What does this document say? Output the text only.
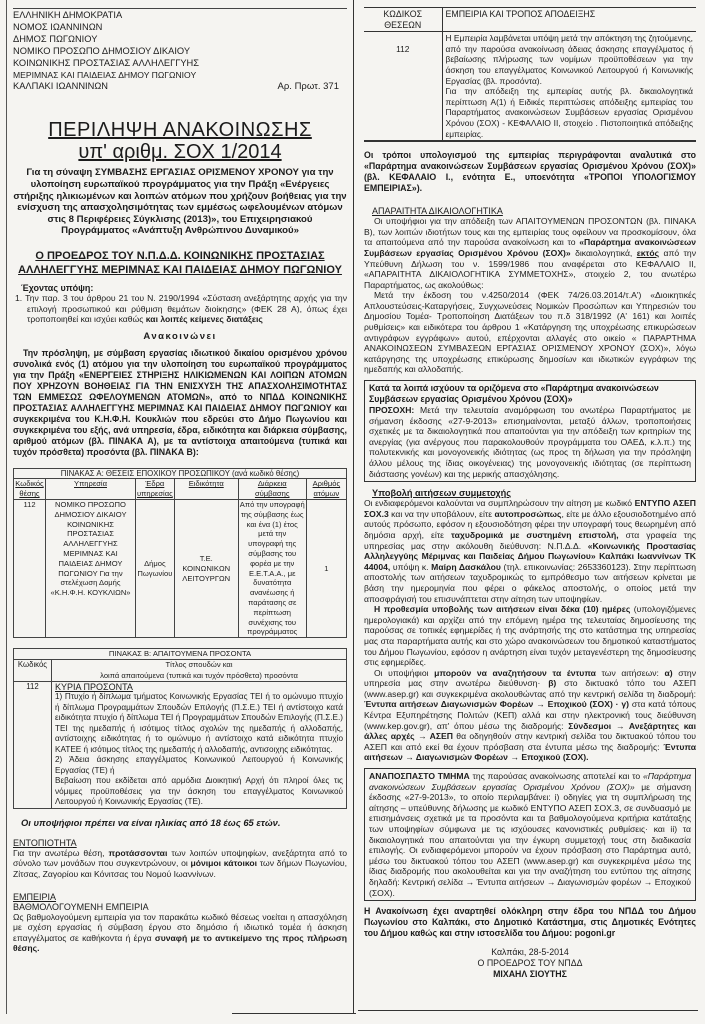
ΕΛΛΗΝΙΚΗ ΔΗΜΟΚΡΑΤΙΑ
ΝΟΜΟΣ ΙΩΑΝΝΙΝΩΝ
ΔΗΜΟΣ ΠΩΓΩΝΙΟΥ
ΝΟΜΙΚΟ ΠΡΟΣΩΠΟ ΔΗΜΟΣΙΟΥ ΔΙΚΑΙΟΥ
ΚΟΙΝΩΝΙΚΗΣ ΠΡΟΣΤΑΣΙΑΣ ΑΛΛΗΛΕΓΓΥΗΣ
ΜΕΡΙΜΝΑΣ ΚΑΙ ΠΑΙΔΕΙΑΣ ΔΗΜΟΥ ΠΩΓΩΝΙΟΥ
ΚΑΛΠΑΚΙ ΙΩΑΝΝΙΝΩΝ	Αρ. Πρωτ. 371
ΠΕΡΙΛΗΨΗ ΑΝΑΚΟΙΝΩΣΗΣ
υπ' αριθμ. ΣΟΧ 1/2014
Για τη σύναψη ΣΥΜΒΑΣΗΣ ΕΡΓΑΣΙΑΣ ΟΡΙΣΜΕΝΟΥ ΧΡΟΝΟΥ για την υλοποίηση ευρωπαϊκού προγράμματος για την Πράξη «Ενέργειες στήριξης ηλικιωμένων και λοιπών ατόμων που χρήζουν βοήθειας για την ενίσχυση της απασχολησιμότητας των εμμέσως ωφελουμένων ατόμων στις 8 Περιφέρειες Σύγκλισης (2013)», του Επιχειρησιακού Προγράμματος «Ανάπτυξη Ανθρώπινου Δυναμικού»
Ο ΠΡΟΕΔΡΟΣ ΤΟΥ Ν.Π.Δ.Δ. ΚΟΙΝΩΝΙΚΗΣ ΠΡΟΣΤΑΣΙΑΣ ΑΛΛΗΛΕΓΓΥΗΣ ΜΕΡΙΜΝΑΣ ΚΑΙ ΠΑΙΔΕΙΑΣ ΔΗΜΟΥ ΠΩΓΩΝΙΟΥ
Έχοντας υπόψη:
1. Την παρ. 3 του άρθρου 21 του Ν. 2190/1994 «Σύσταση ανεξάρτητης αρχής για την επιλογή προσωπικού και ρύθμιση θεμάτων διοίκησης» (ΦΕΚ 28 Α), όπως έχει τροποποιηθεί και ισχύει καθώς και λοιπές κείμενες διατάξεις
Ανακοινώνει
Την πρόσληψη, με σύμβαση εργασίας ιδιωτικού δικαίου ορισμένου χρόνου συνολικά ενός (1) ατόμου για την υλοποίηση του ευρωπαϊκού προγράμματος για την Πράξη «ΕΝΕΡΓΕΙΕΣ ΣΤΗΡΙΞΗΣ ΗΛΙΚΙΩΜΕΝΩΝ ΚΑΙ ΛΟΙΠΩΝ ΑΤΟΜΩΝ ΠΟΥ ΧΡΗΖΟΥΝ ΒΟΗΘΕΙΑΣ ΓΙΑ ΤΗΝ ΕΝΙΣΧΥΣΗ ΤΗΣ ΑΠΑΣΧΟΛΗΣΙΜΟΤΗΤΑΣ ΤΩΝ ΕΜΜΕΣΩΣ ΩΦΕΛΟΥΜΕΝΩΝ ΑΤΟΜΩΝ», από το ΝΠΔΔ ΚΟΙΝΩΝΙΚΗΣ ΠΡΟΣΤΑΣΙΑΣ ΑΛΛΗΛΕΓΓΥΗΣ ΜΕΡΙΜΝΑΣ ΚΑΙ ΠΑΙΔΕΙΑΣ ΔΗΜΟΥ ΠΩΓΩΝΙΟΥ και συγκεκριμένα του Κ.Η.Φ.Η. Κουκλιών που εδρεύει στο Δήμο Πωγωνίου και συγκεκριμένα του εξής, ανά υπηρεσία, έδρα, ειδικότητα και διάρκεια σύμβασης, αριθμού ατόμων (βλ. ΠΙΝΑΚΑ Α), με τα αντίστοιχα απαιτούμενα (τυπικά και τυχόν πρόσθετα) προσόντα (βλ. ΠΙΝΑΚΑ Β):
ΠΙΝΑΚΑΣ Α: ΘΕΣΕΙΣ ΕΠΟΧΙΚΟΥ ΠΡΟΣΩΠΙΚΟΥ (ανά κωδικό θέσης)					
Κωδικός θέσης	Υπηρεσία	Έδρα υπηρεσίας	Ειδικότητα	Διάρκεια σύμβασης	Αριθμός ατόμων
112	ΝΟΜΙΚΟ ΠΡΟΣΩΠΟ ΔΗΜΟΣΙΟΥ ΔΙΚΑΙΟΥ ΚΟΙΝΩΝΙΚΗΣ ΠΡΟΣΤΑΣΙΑΣ ΑΛΛΗΛΕΓΓΥΗΣ ΜΕΡΙΜΝΑΣ ΚΑΙ ΠΑΙΔΕΙΑΣ ΔΗΜΟΥ ΠΩΓΩΝΙΟΥ Για την στελέχωση Δομής «Κ.Η.Φ.Η. ΚΟΥΚΛΙΩΝ»	Δήμος Πωγωνίου	Τ.Ε. ΚΟΙΝΩΝΙΚΩΝ ΛΕΙΤΟΥΡΓΩΝ	Από την υπογραφή της σύμβασης έως και ένα (1) έτος μετά την υπογραφή της σύμβασης του φορέα με την Ε.Ε.Τ.Α.Α., με δυνατότητα ανανέωσης ή παράτασης σε περίπτωση συνέχισης του προγράμματος	1
ΠΙΝΑΚΑΣ Β: ΑΠΑΙΤΟΥΜΕΝΑ ΠΡΟΣΟΝΤΑ	
Κωδικός	Τίτλος σπουδών και
λοιπά απαιτούμενα (τυπικά και τυχόν πρόσθετα) προσόντα

112	ΚΥΡΙΑ ΠΡΟΣΟΝΤΑ
1) Πτυχίο ή δίπλωμα τμήματος Κοινωνικής Εργασίας ΤΕΙ ή το ομώνυμο πτυχίο ή δίπλωμα Προγραμμάτων Σπουδών Επιλογής (Π.Σ.Ε.) ΤΕΙ ή αντίστοιχο κατά ειδικότητα πτυχίο ή δίπλωμα ΤΕΙ ή Προγραμμάτων Σπουδών Επιλογής (Π.Σ.Ε.) ΤΕΙ της ημεδαπής ή ισότιμος τίτλος σχολών της ημεδαπής ή αλλοδαπής, αντίστοιχης ειδικότητας ή το ομώνυμο ή αντίστοιχο κατά ειδικότητα πτυχίο ΚΑΤΕΕ ή ισότιμος τίτλος της ημεδαπής ή αλλοδαπής, αντισοιχης ειδικότητας.
2) Άδεια άσκησης επαγγέλματος Κοινωνικού Λειτουργού ή Κοινωνικής Εργασίας (ΤΕ) ή
Βεβαίωση που εκδίδεται από αρμόδια Διοικητική Αρχή ότι πληροί όλες τις νόμιμες προϋποθέσεις για την άσκηση του επαγγέλματος Κοινωνικού Λειτουργού ή Κοινωνικής Εργασίας (ΤΕ).
Οι υποψήφιοι πρέπει να είναι ηλικίας από 18 έως 65 ετών.
ΕΝΤΟΠΙΟΤΗΤΑ
Για την ανωτέρω θέση, προτάσσονται των λοιπών υποψηφίων, ανεξάρτητα από το σύνολο των μονάδων που συγκεντρώνουν, οι μόνιμοι κάτοικοι των δήμων Πωγωνίου, Ζίτσας, Ζαγορίου και Κόνιτσας του Νομού Ιωαννίνων.
ΕΜΠΕΙΡΙΑ
ΒΑΘΜΟΛΟΓΟΥΜΕΝΗ ΕΜΠΕΙΡΙΑ
Ως βαθμολογούμενη εμπειρία για τον παρακάτω κωδικό θέσεως νοείται η απασχόληση με σχέση εργασίας ή σύμβαση έργου στο δημόσιο ή ιδιωτικό τομέα ή άσκηση επαγγέλματος σε καθήκοντα ή έργα συναφή με το αντικείμενο της προς πλήρωση θέσης.
ΚΩΔΙΚΟΣ ΘΕΣΕΩΝ	ΕΜΠΕΙΡΙΑ ΚΑΙ ΤΡΟΠΟΣ ΑΠΟΔΕΙΞΗΣ
112	Η Εμπειρία λαμβάνεται υπόψη μετά την απόκτηση της ζητούμενης, από την παρούσα ανακοίνωση άδειας άσκησης επαγγέλματος ή βεβαίωσης πλήρωσης των νομίμων προϋποθέσεων για την άσκηση του επαγγέλματος Κοινωνικού Λειτουργού ή Κοινωνικής Εργασίας (βλ. προσόντα).
Για την απόδειξη της εμπειρίας αυτής βλ. δικαιολογητικά περίπτωση Α(1) ή Ειδικές περιπτώσεις απόδειξης εμπειρίας του Παραρτήματος ανακοινώσεων Συμβάσεων εργασίας Ορισμένου Χρόνου (ΣΟΧ) - ΚΕΦΑΛΑΙΟ ΙΙ, στοιχείο . Πιστοποιητικά απόδειξης εμπειρίας.
Οι τρόποι υπολογισμού της εμπειρίας περιγράφονται αναλυτικά στο «Παράρτημα ανακοινώσεων Συμβάσεων εργασίας Ορισμένου Χρόνου (ΣΟΧ)» (βλ. ΚΕΦΑΛΑΙΟ Ι., ενότητα Ε., υποενότητα «ΤΡΟΠΟΙ ΥΠΟΛΟΓΙΣΜΟΥ ΕΜΠΕΙΡΙΑΣ»).
ΑΠΑΡΑΙΤΗΤΑ ΔΙΚΑΙΟΛΟΓΗΤΙΚΑ
Οι υποψήφιοι για την απόδειξη των ΑΠΑΙΤΟΥΜΕΝΩΝ ΠΡΟΣΟΝΤΩΝ (βλ. ΠΙΝΑΚΑ Β), των λοιπών ιδιοτήτων τους και της εμπειρίας τους οφείλουν να προσκομίσουν, όλα τα απαιτούμενα από την παρούσα ανακοίνωση και το «Παράρτημα ανακοινώσεων Συμβάσεων εργασίας Ορισμένου Χρόνου (ΣΟΧ)» δικαιολογητικά, εκτός από την Υπεύθυνη Δήλωση του ν. 1599/1986 που αναφέρεται στο ΚΕΦΑΛΑΙΟ ΙΙ, «ΑΠΑΡΑΙΤΗΤΑ ΔΙΚΑΙΟΛΟΓΗΤΙΚΑ ΣΥΜΜΕΤΟΧΗΣ», στοιχείο 2, του ανωτέρω Παραρτήματος, ως ακολούθως:
Μετά την έκδοση του ν.4250/2014 (ΦΕΚ 74/26.03.2014/τ.Α') «Διοικητικές Απλουστεύσεις-Καταργήσεις, Συγχωνεύσεις Νομικών Προσώπων και Υπηρεσιών του Δημοσίου Τομέα- Τροποποίηση Διατάξεων του π.δ 318/1992 (Α' 161) και λοιπές ρυθμίσεις» και ειδικότερα του άρθρου 1 «Κατάργηση της υποχρέωσης επικυρώσεων αντιγράφων εγγράφων» αυτού, επέρχονται αλλαγές στο οικείο « ΠΑΡΑΡΤΗΜΑ ΑΝΑΚΟΙΝΩΣΕΩΝ ΣΥΜΒΑΣΕΩΝ ΕΡΓΑΣΙΑΣ ΟΡΙΣΜΕΝΟΥ ΧΡΟΝΟΥ (ΣΟΧ)», λόγω κατάργησης της υποχρέωσης επικύρωσης δημοσίων και ιδιωτικών εγγράφων της ημεδαπής και αλλοδαπής.
Κατά τα λοιπά ισχύουν τα οριζόμενα στο «Παράρτημα ανακοινώσεων Συμβάσεων εργασίας Ορισμένου Χρόνου (ΣΟΧ)»
ΠΡΟΣΟΧΗ: Μετά την τελευταία αναμόρφωση του ανωτέρω Παραρτήματος με σήμανση έκδοσης «27-9-2013» επισημαίνονται, μεταξύ άλλων, τροποποιήσεις σχετικές με τα δικαιολογητικά που απαιτούνται για την απόδειξη των κριτηρίων της ανεργίας (για ανέργους που παρακολουθούν προγράμματα του ΟΑΕΔ, κ.λ.π.) της πολυτεκνικής και μονογονεικής ιδιότητας (ως προς τη δήλωση για την πρόσληψη άλλου μέλους της ίδιας οικογένειας) της μονογονεικής ιδιότητας (σε περίπτωση διάστασης γονέων) και της μερικής απασχόλησης.
Υποβολή αιτήσεων συμμετοχής
Οι ενδιαφερόμενοι καλούνται να συμπληρώσουν την αίτηση με κωδικό ΕΝΤΥΠΟ ΑΣΕΠ ΣΟΧ.3 και να την υποβάλουν, είτε αυτοπροσώπως, είτε με άλλο εξουσιοδοτημένο από αυτούς πρόσωπο, εφόσον η εξουσιοδότηση φέρει την υπογραφή τους θεωρημένη από δημόσια αρχή, είτε ταχυδρομικά με συστημένη επιστολή, στα γραφεία της υπηρεσίας μας στην ακόλουθη διεύθυνση: Ν.Π.Δ.Δ. «Κοινωνικής Προστασίας Αλληλεγγύης Μέριμνας και Παιδείας Δήμου Πωγωνίου» Καλπάκι Ιωαννίνων ΤΚ 44004, υπόψη κ. Μαίρη Δασκάλου (τηλ. επικοινωνίας: 2653360123). Στην περίπτωση αποστολής των αιτήσεων ταχυδρομικώς το εμπρόθεσμο των αιτήσεων κρίνεται με βάση την ημερομηνία που φέρει ο φάκελος αποστολής, ο οποίος μετά την αποσφράγισή του επισυνάπτεται στην αίτηση των υποψηφίων.
Η προθεσμία υποβολής των αιτήσεων είναι δέκα (10) ημέρες (υπολογιζόμενες ημερολογιακά) και αρχίζει από την επόμενη ημέρα της τελευταίας δημοσίευσης της παρούσας σε τοπικές εφημερίδες ή της ανάρτησής της στο κατάστημα της υπηρεσίας μας στα παραρτήματα αυτής και στο χώρο ανακοινώσεων του δημοτικού καταστήματος του Δήμου Πωγωνίου, εφόσον η ανάρτηση είναι τυχόν μεταγενέστερη της δημοσίευσης στις εφημερίδες.
Οι υποψήφιοι μπορούν να αναζητήσουν τα έντυπα των αιτήσεων: α) στην υπηρεσία μας στην ανωτέρω διεύθυνση· β) στο δικτυακό τόπο του ΑΣΕΠ (www.asep.gr) και συγκεκριμένα ακολουθώντας από την κεντρική σελίδα τη διαδρομή: Έντυπα αιτήσεων Διαγωνισμών Φορέων → Εποχικού (ΣΟΧ) · γ) στα κατά τόπους Κέντρα Εξυπηρέτησης Πολιτών (ΚΕΠ) αλλά και στην ηλεκτρονική τους διεύθυνση (www.kep.gov.gr), απ' όπου μέσω της διαδρομής: Σύνδεσμοι → Ανεξάρτητες και άλλες αρχές → ΑΣΕΠ θα οδηγηθούν στην κεντρική σελίδα του δικτυακού τόπου του ΑΣΕΠ και από εκεί θα έχουν πρόσβαση στα έντυπα μέσω της διαδρομής: Έντυπα αιτήσεων → Διαγωνισμών Φορέων → Εποχικού (ΣΟΧ).
ΑΝΑΠΟΣΠΑΣΤΟ ΤΜΗΜΑ της παρούσας ανακοίνωσης αποτελεί και το «Παράρτημα ανακοινώσεων Συμβάσεων εργασίας Ορισμένου Χρόνου (ΣΟΧ)» με σήμανση έκδοσης «27-9-2013», το οποίο περιλαμβάνει: i) οδηγίες για τη συμπλήρωση της αίτησης – υπεύθυνης δήλωσης με κωδικό ΕΝΤΥΠΟ ΑΣΕΠ ΣΟΧ.3, σε συνδυασμό με επισημάνσεις σχετικά με τα προσόντα και τα βαθμολογούμενα κριτήρια κατάταξης των υποψηφίων σύμφωνα με τις ισχύουσες κανονιστικές ρυθμίσεις· και ii) τα δικαιολογητικά που απαιτούνται για την έγκυρη συμμετοχή τους στη διαδικασία επιλογής. Οι ενδιαφερόμενοι μπορούν να έχουν πρόσβαση στο Παράρτημα αυτό, μέσω του δικτυακού τόπου του ΑΣΕΠ (www.asep.gr) και συγκεκριμένα μέσω της ίδιας διαδρομής που ακολουθείται και για την αναζήτηση του εντύπου της αίτησης δηλαδή: Κεντρική σελίδα → Έντυπα αιτήσεων → Διαγωνισμών φορέων → Εποχικού (ΣΟΧ).
Η Ανακοίνωση έχει αναρτηθεί ολόκληρη στην έδρα του ΝΠΔΔ του Δήμου Πωγωνίου στο Καλπάκι, στο Δημοτικό Κατάστημα, στις Δημοτικές Ενότητες του Δήμου καθώς και στην ιστοσελίδα του Δήμου: pogoni.gr
Καλπάκι, 28-5-2014
Ο ΠΡΟΕΔΡΟΣ ΤΟΥ ΝΠΔΔ
ΜΙΧΑΗΛ ΣΙΟΥΤΗΣ
